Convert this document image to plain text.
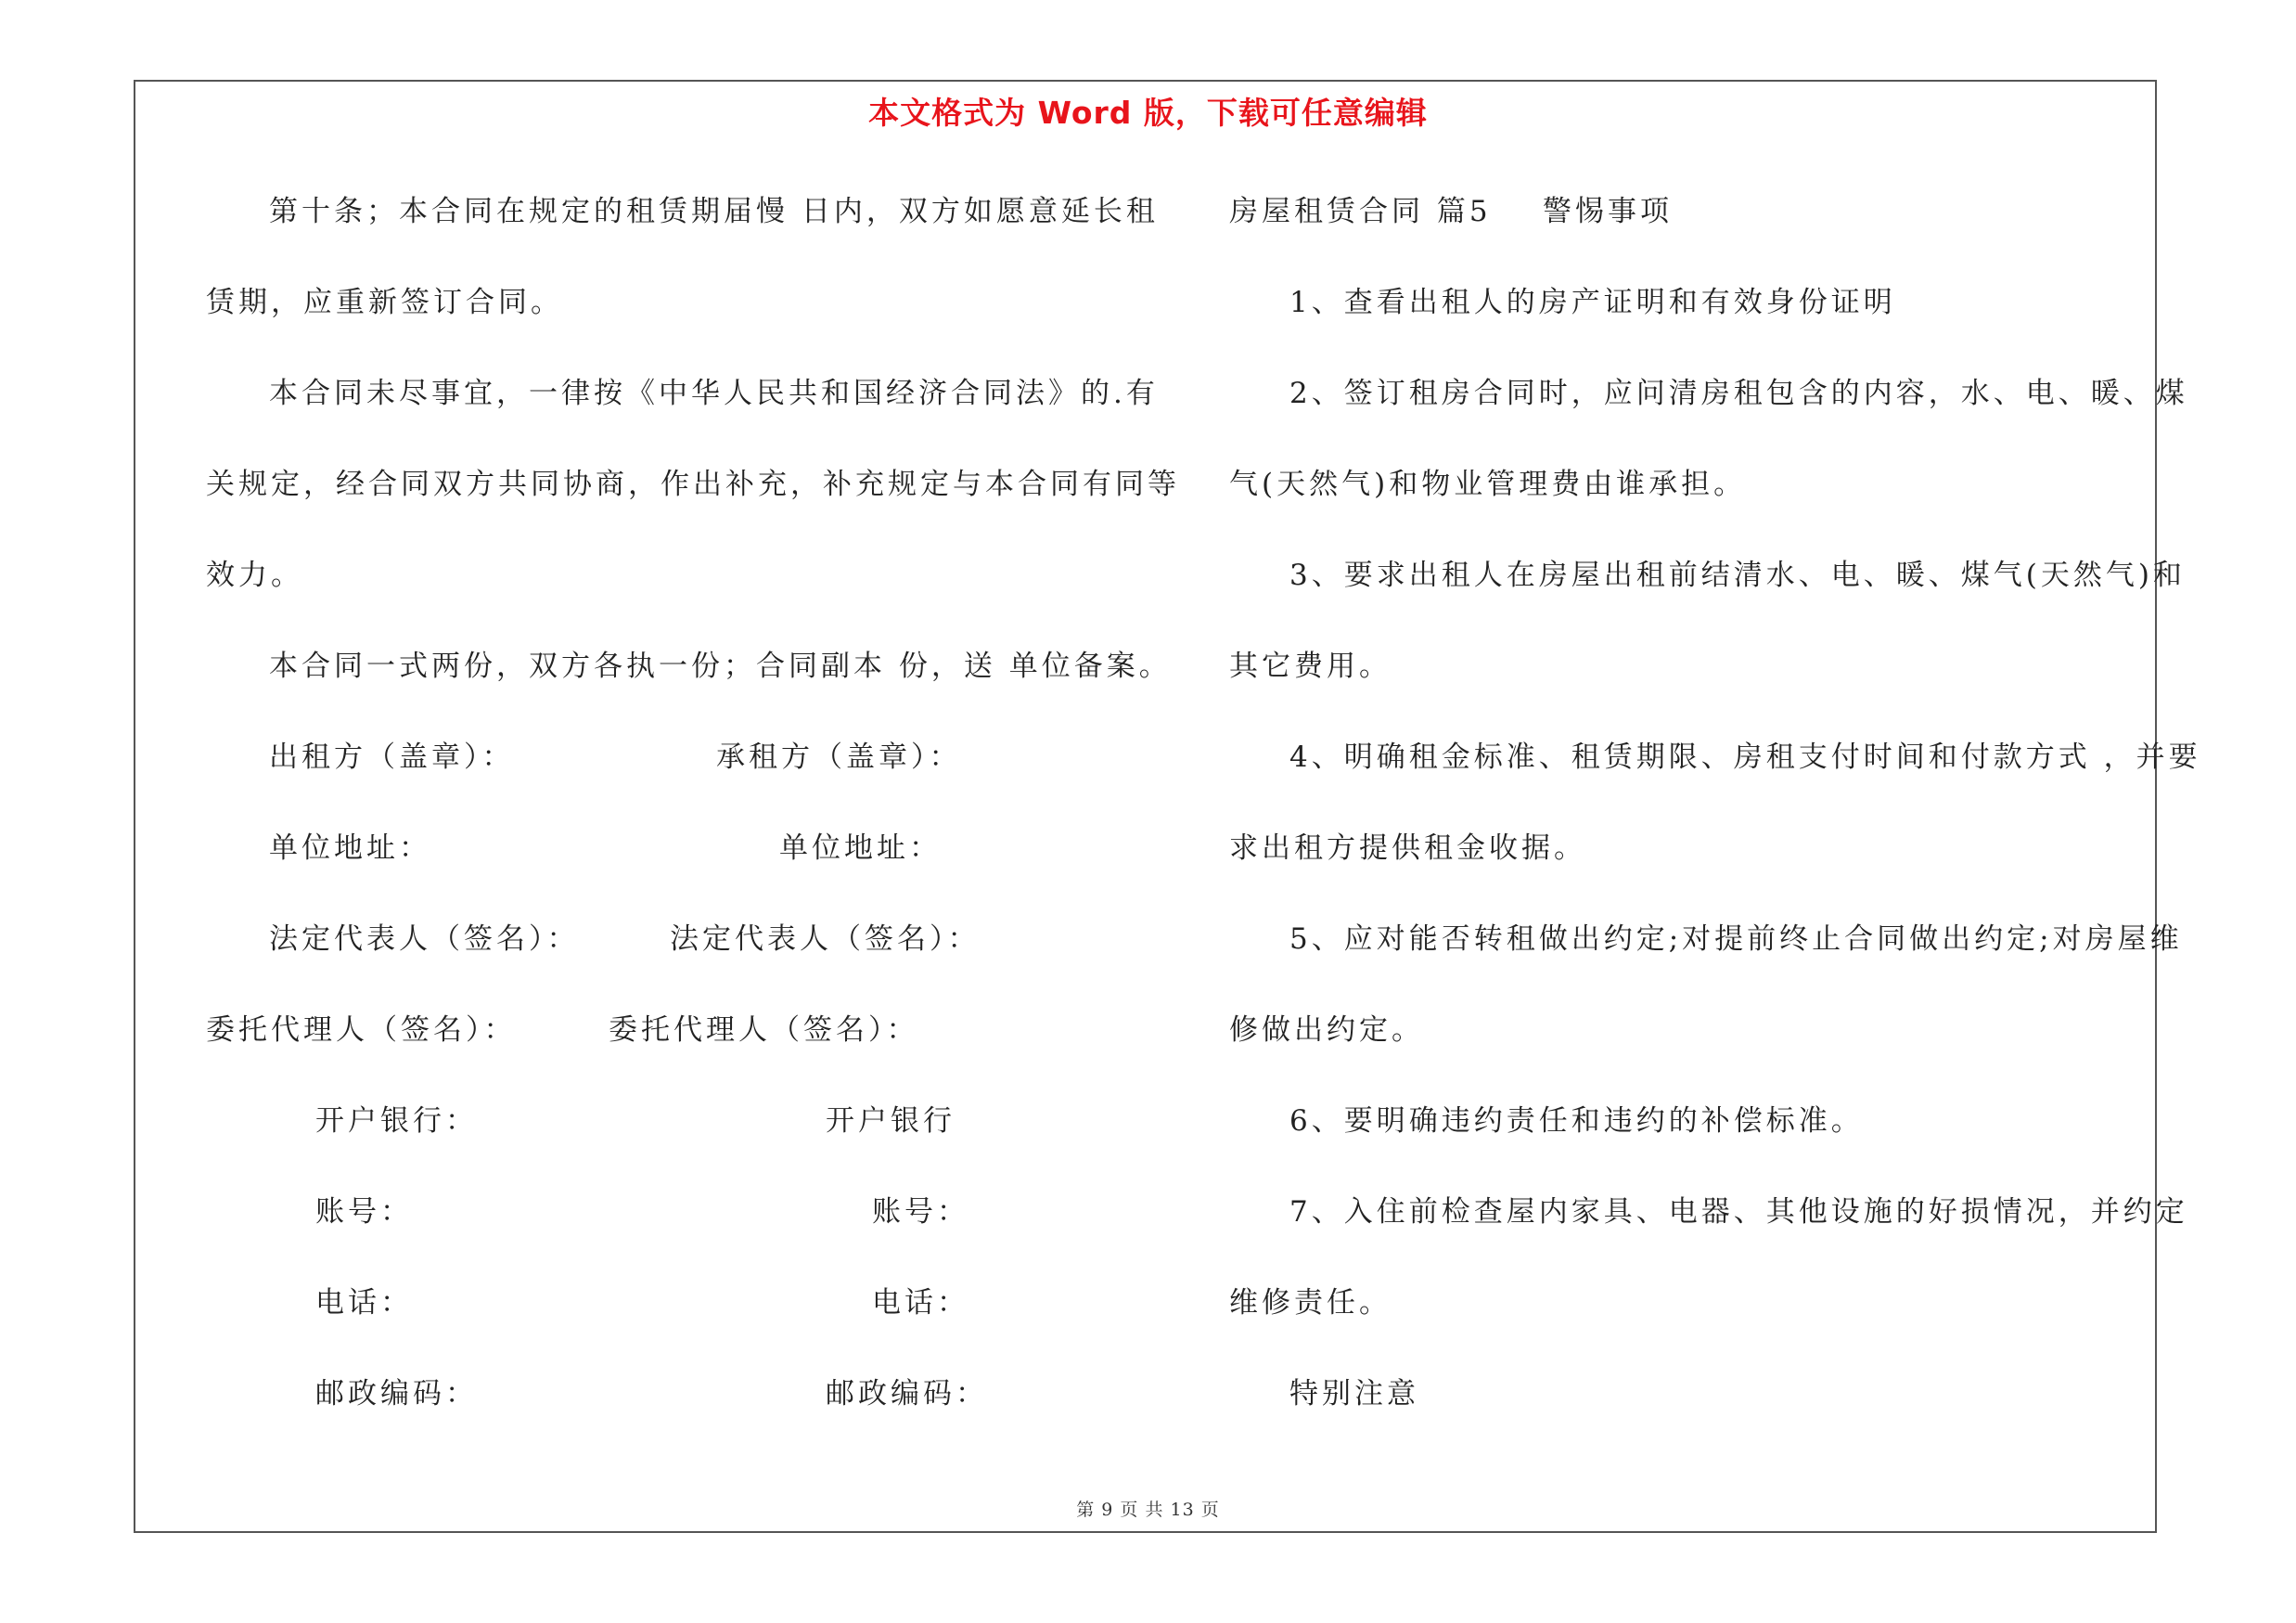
本文格式为 Word 版，下载可任意编辑
第十条；本合同在规定的租赁期届慢 日内，双方如愿意延长租
赁期，应重新签订合同。
本合同未尽事宜，一律按《中华人民共和国经济合同法》的.有
关规定，经合同双方共同协商，作出补充，补充规定与本合同有同等
效力。
本合同一式两份，双方各执一份；合同副本 份，送 单位备案。
出租方（盖章）：	承租方（盖章）：
单位地址：	单位地址：
法定代表人（签名）：	法定代表人（签名）：
委托代理人（签名）：	委托代理人（签名）：
开户银行：	开户银行
账号：	账号：
电话：	电话：
邮政编码：	邮政编码：
房屋租赁合同 篇5    警惕事项
1、查看出租人的房产证明和有效身份证明
2、签订租房合同时，应问清房租包含的内容，水、电、暖、煤
气(天然气)和物业管理费由谁承担。
3、要求出租人在房屋出租前结清水、电、暖、煤气(天然气)和
其它费用。
4、明确租金标准、租赁期限、房租支付时间和付款方式 ，并要
求出租方提供租金收据。
5、应对能否转租做出约定;对提前终止合同做出约定;对房屋维
修做出约定。
6、要明确违约责任和违约的补偿标准。
7、入住前检查屋内家具、电器、其他设施的好损情况，并约定
维修责任。
特别注意
第 9 页 共 13 页
